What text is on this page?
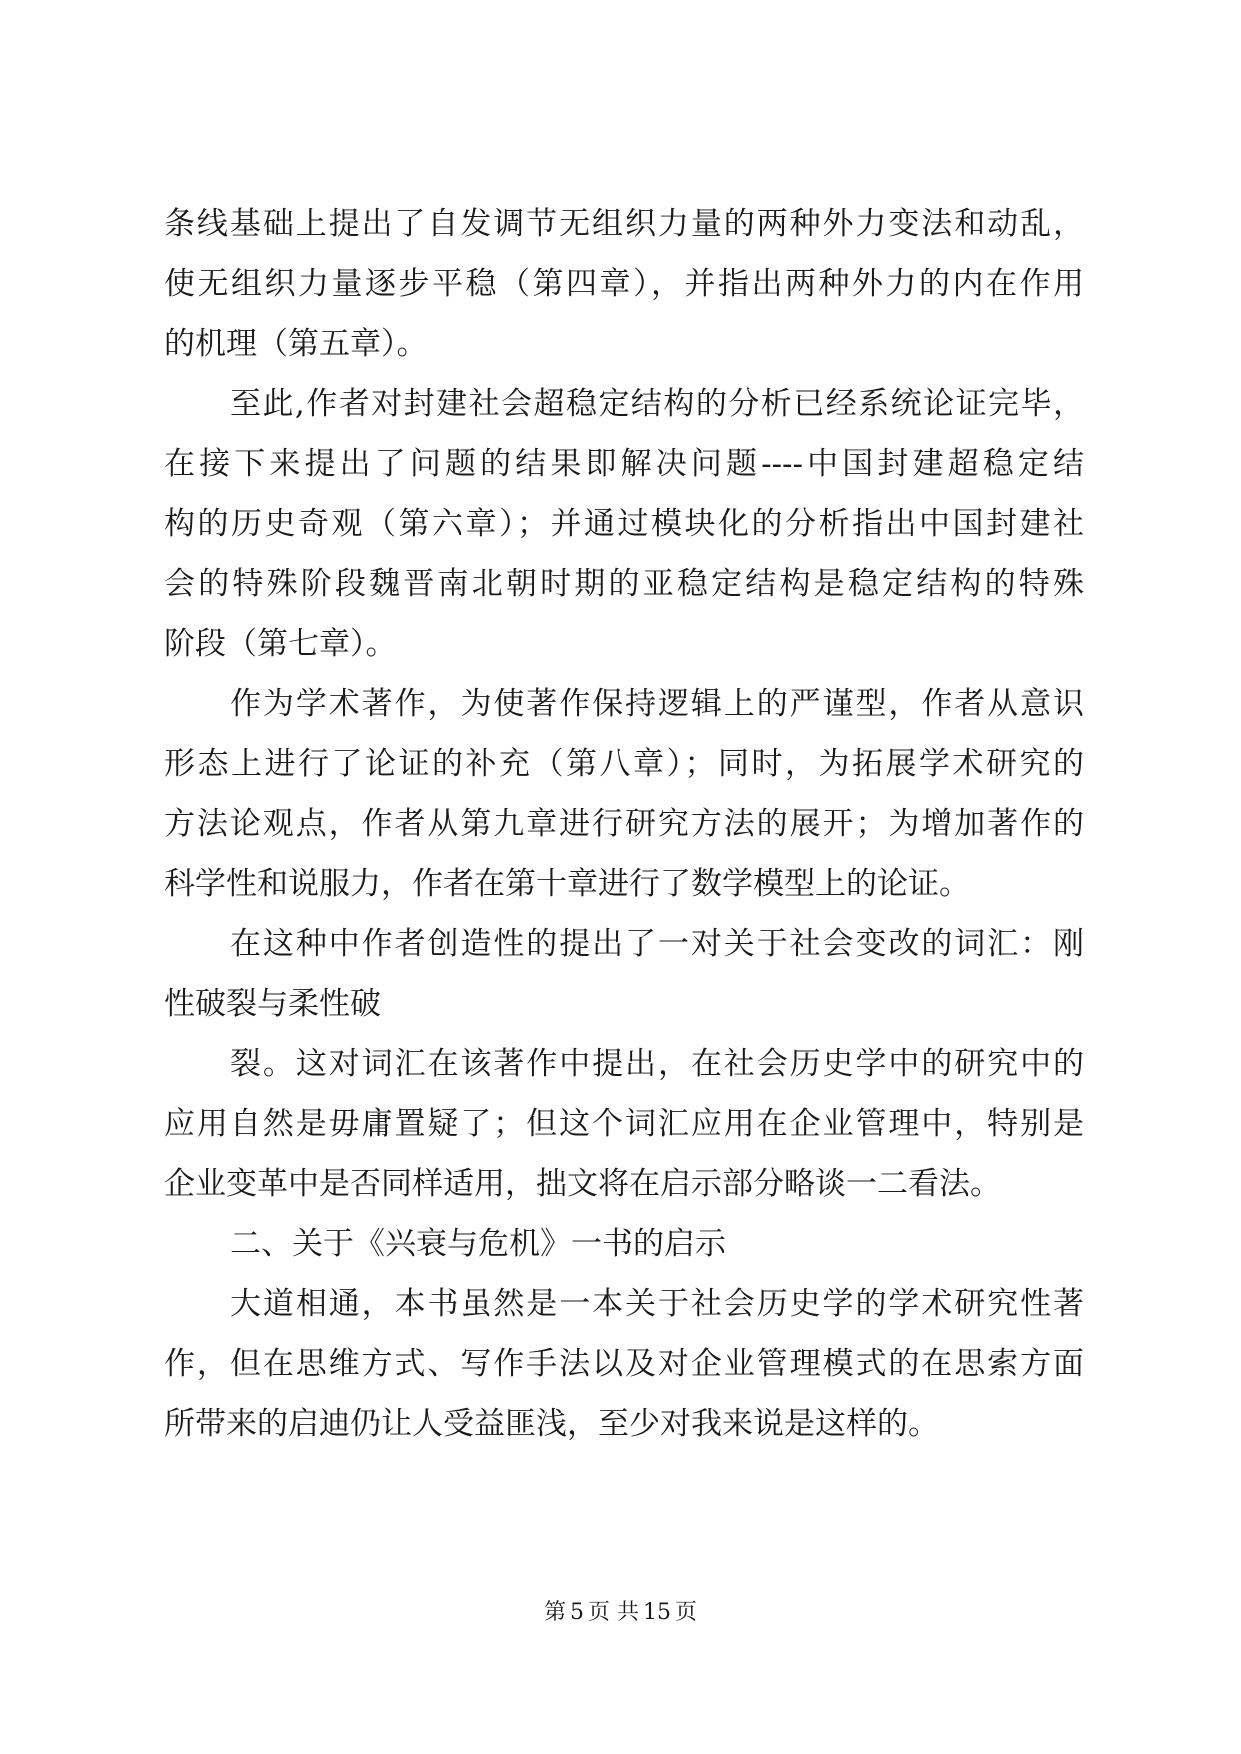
条线基础上提出了自发调节无组织力量的两种外力变法和动乱，
使无组织力量逐步平稳（第四章），并指出两种外力的内在作用
的机理（第五章）。
至此,作者对封建社会超稳定结构的分析已经系统论证完毕，
在接下来提出了问题的结果即解决问题----中国封建超稳定结
构的历史奇观（第六章）；并通过模块化的分析指出中国封建社
会的特殊阶段魏晋南北朝时期的亚稳定结构是稳定结构的特殊
阶段（第七章）。
作为学术著作，为使著作保持逻辑上的严谨型，作者从意识
形态上进行了论证的补充（第八章）；同时，为拓展学术研究的
方法论观点，作者从第九章进行研究方法的展开；为增加著作的
科学性和说服力，作者在第十章进行了数学模型上的论证。
在这种中作者创造性的提出了一对关于社会变改的词汇：刚
性破裂与柔性破
裂。这对词汇在该著作中提出，在社会历史学中的研究中的
应用自然是毋庸置疑了；但这个词汇应用在企业管理中，特别是
企业变革中是否同样适用，拙文将在启示部分略谈一二看法。
二、关于《兴衰与危机》一书的启示
大道相通，本书虽然是一本关于社会历史学的学术研究性著
作，但在思维方式、写作手法以及对企业管理模式的在思索方面
所带来的启迪仍让人受益匪浅，至少对我来说是这样的。
第 5 页 共 15 页
